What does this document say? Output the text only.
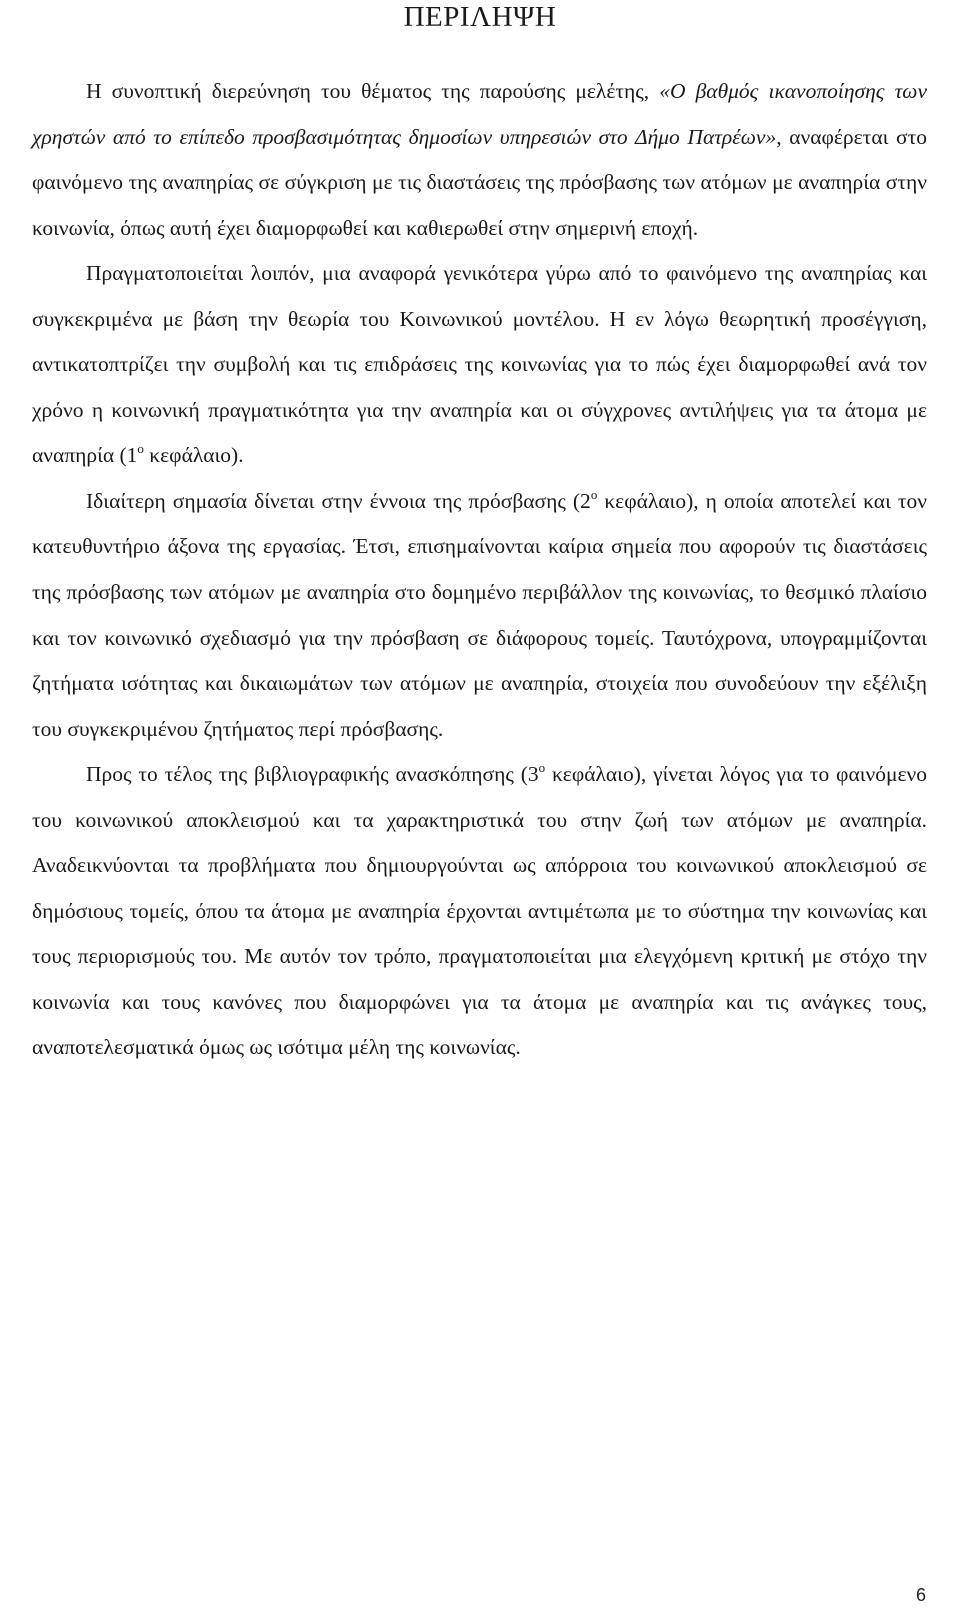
ΠΕΡΙΛΗΨΗ

Η συνοπτική διερεύνηση του θέματος της παρούσης μελέτης, «Ο βαθμός ικανοποίησης των χρηστών από το επίπεδο προσβασιμότητας δημοσίων υπηρεσιών στο Δήμο Πατρέων», αναφέρεται στο φαινόμενο της αναπηρίας σε σύγκριση με τις διαστάσεις της πρόσβασης των ατόμων με αναπηρία στην κοινωνία, όπως αυτή έχει διαμορφωθεί και καθιερωθεί στην σημερινή εποχή.

Πραγματοποιείται λοιπόν, μια αναφορά γενικότερα γύρω από το φαινόμενο της αναπηρίας και συγκεκριμένα με βάση την θεωρία του Κοινωνικού μοντέλου. Η εν λόγω θεωρητική προσέγγιση, αντικατοπτρίζει την συμβολή και τις επιδράσεις της κοινωνίας για το πώς έχει διαμορφωθεί ανά τον χρόνο η κοινωνική πραγματικότητα για την αναπηρία και οι σύγχρονες αντιλήψεις για τα άτομα με αναπηρία ($1^o$ κεφάλαιο).

Ιδιαίτερη σημασία δίνεται στην έννοια της πρόσβασης ($2^o$ κεφάλαιο), η οποία αποτελεί και τον κατευθυντήριο άξονα της εργασίας. Έτσι, επισημαίνονται καίρια σημεία που αφορούν τις διαστάσεις της πρόσβασης των ατόμων με αναπηρία στο δομημένο περιβάλλον της κοινωνίας, το θεσμικό πλαίσιο και τον κοινωνικό σχεδιασμό για την πρόσβαση σε διάφορους τομείς. Ταυτόχρονα, υπογραμμίζονται ζητήματα ισότητας και δικαιωμάτων των ατόμων με αναπηρία, στοιχεία που συνοδεύουν την εξέλιξη του συγκεκριμένου ζητήματος περί πρόσβασης.

Προς το τέλος της βιβλιογραφικής ανασκόπησης ($3^o$ κεφάλαιο), γίνεται λόγος για το φαινόμενο του κοινωνικού αποκλεισμού και τα χαρακτηριστικά του στην ζωή των ατόμων με αναπηρία. Αναδεικνύονται τα προβλήματα που δημιουργούνται ως απόρροια του κοινωνικού αποκλεισμού σε δημόσιους τομείς, όπου τα άτομα με αναπηρία έρχονται αντιμέτωπα με το σύστημα την κοινωνίας και τους περιορισμούς του. Με αυτόν τον τρόπο, πραγματοποιείται μια ελεγχόμενη κριτική με στόχο την κοινωνία και τους κανόνες που διαμορφώνει για τα άτομα με αναπηρία και τις ανάγκες τους, αναποτελεσματικά όμως ως ισότιμα μέλη της κοινωνίας.

6
